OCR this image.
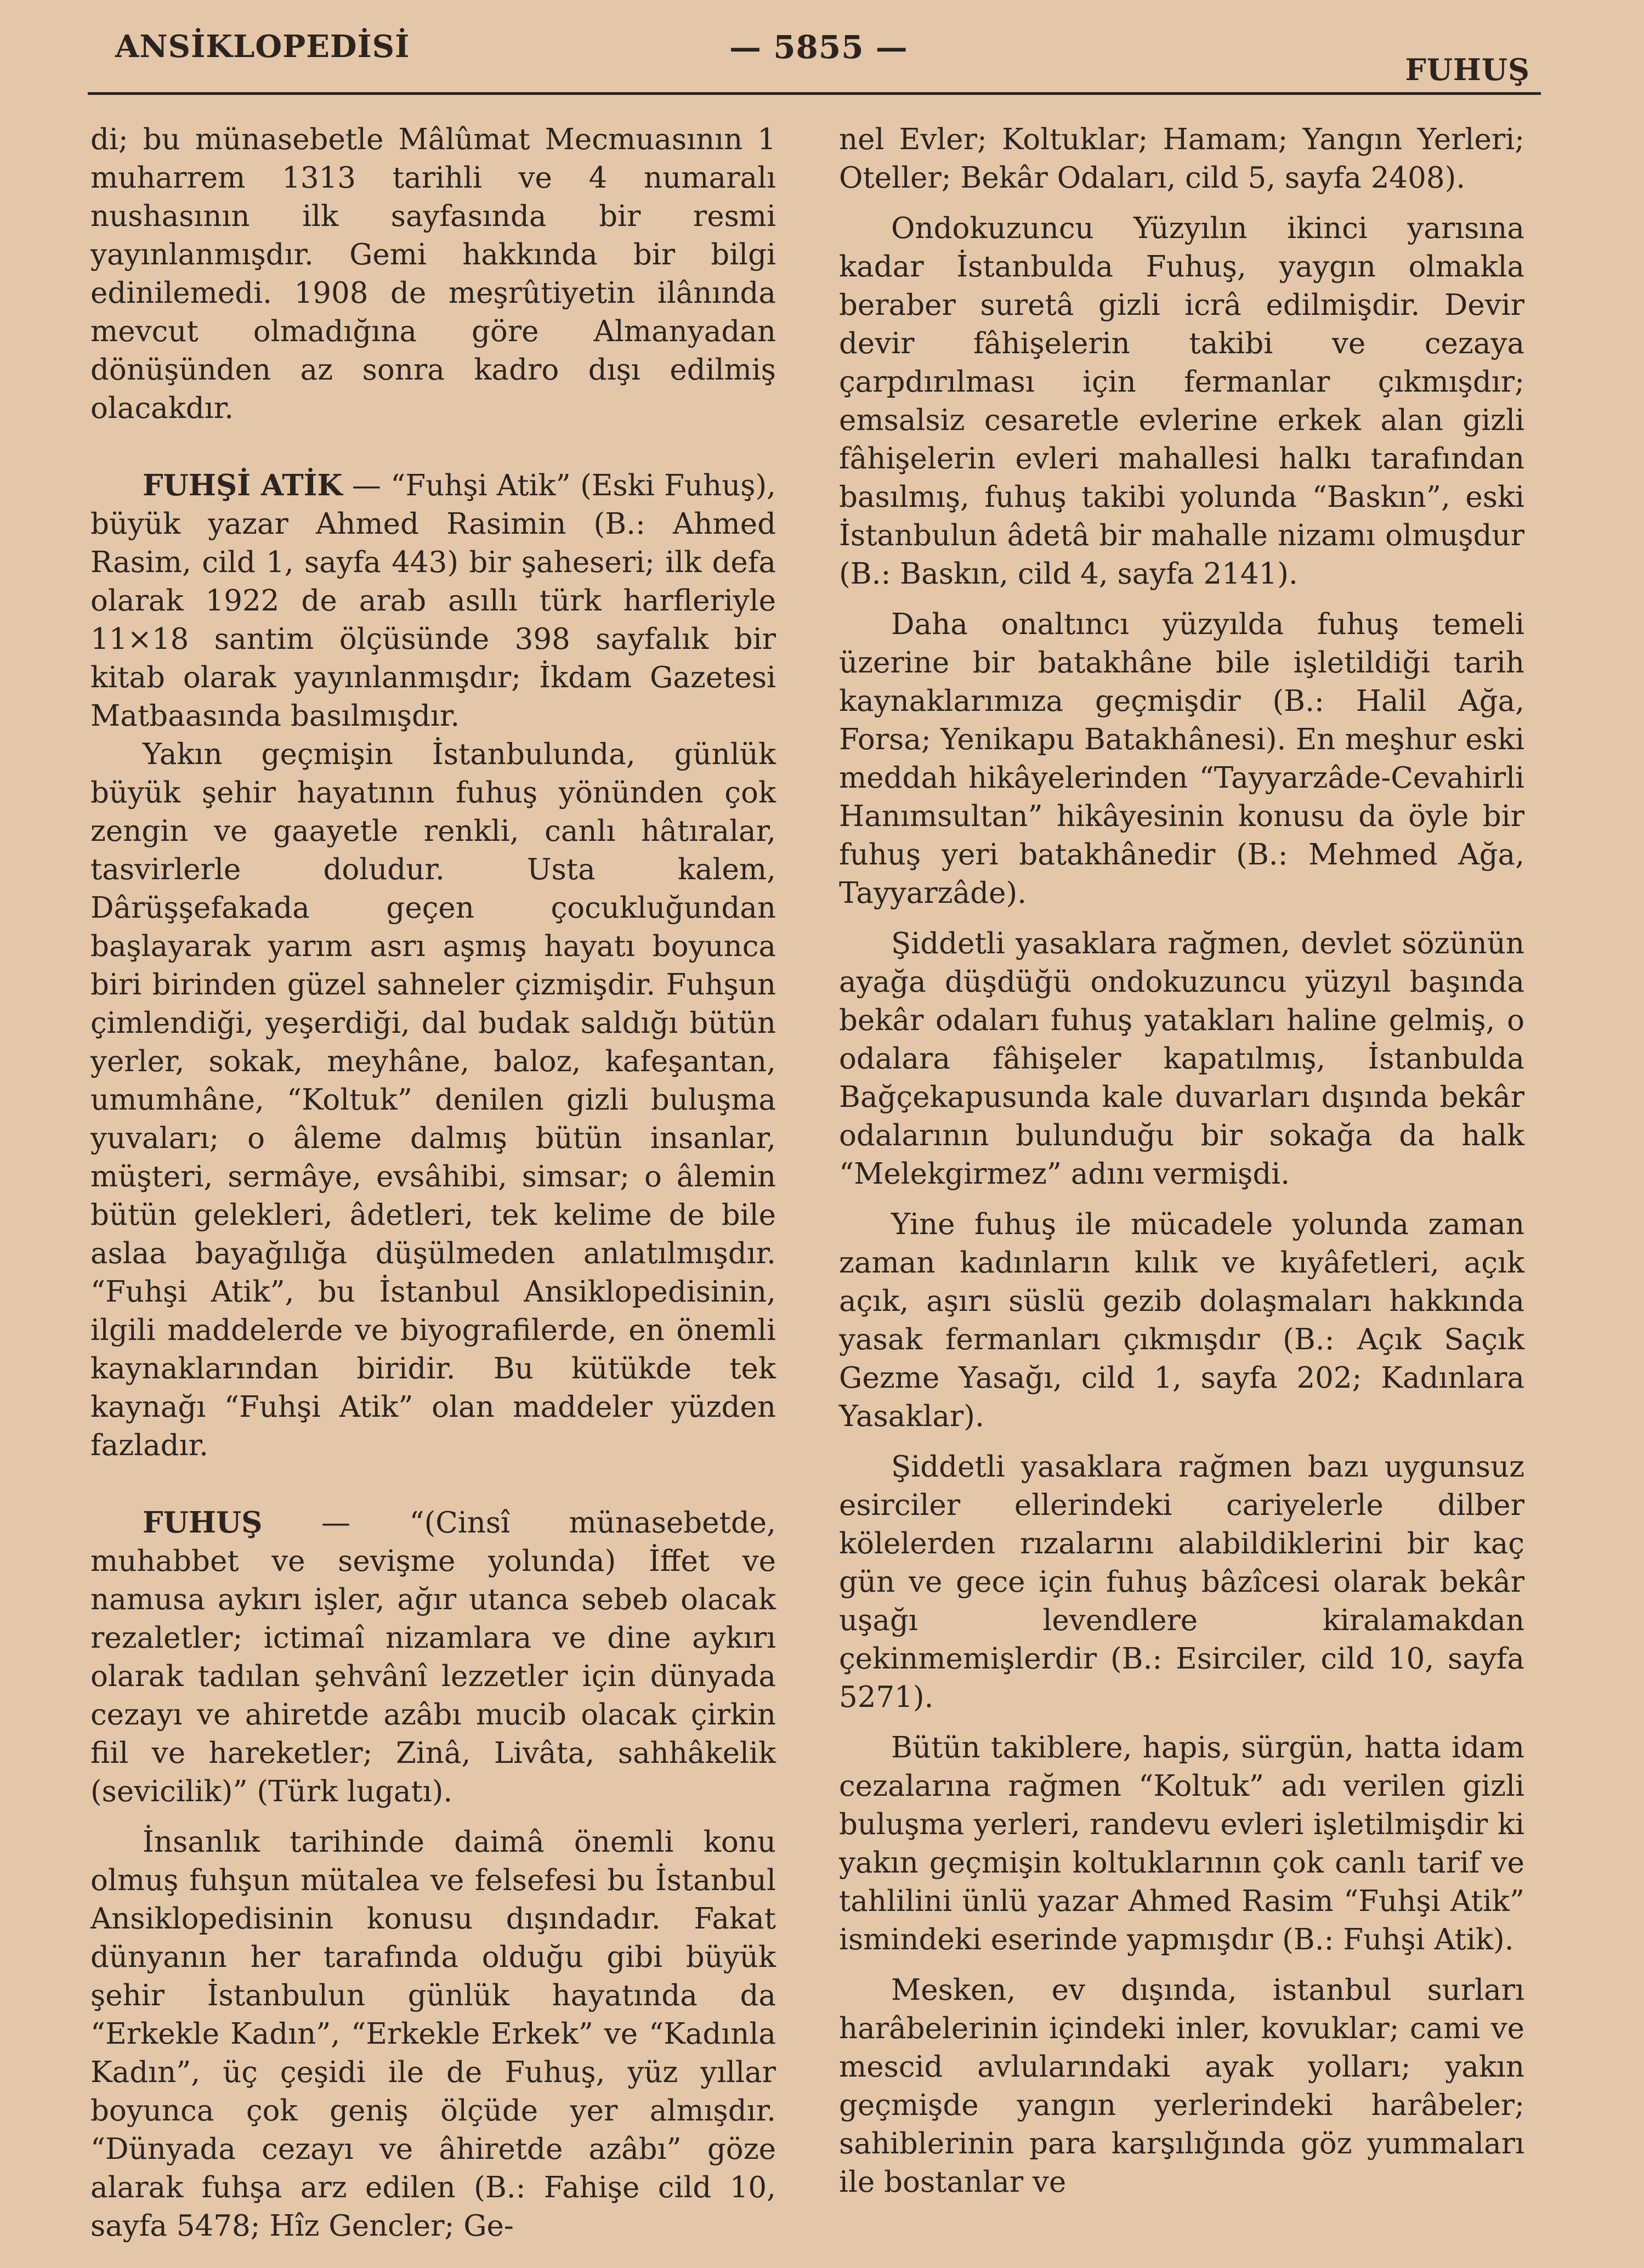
ANSİKLOPEDİSİ	— 5855 —
FUHUŞ

di; bu münasebetle Mâlûmat Mecmuasının 1 muharrem 1313 tarihli ve 4 numaralı nushasının ilk sayfasında bir resmi yayınlanmışdır. Gemi hakkında bir bilgi edinilemedi. 1908 de meşrûtiyetin ilânında mevcut olmadığına göre Almanyadan dönüşünden az sonra kadro dışı edilmiş olacakdır.

FUHŞİ ATİK — “Fuhşi Atik” (Eski Fuhuş), büyük yazar Ahmed Rasimin (B.: Ahmed Rasim, cild 1, sayfa 443) bir şaheseri; ilk defa olarak 1922 de arab asıllı türk harfleriyle 11×18 santim ölçüsünde 398 sayfalık bir kitab olarak yayınlanmışdır; İkdam Gazetesi Matbaasında basılmışdır.

Yakın geçmişin İstanbulunda, günlük büyük şehir hayatının fuhuş yönünden çok zengin ve gaayetle renkli, canlı hâtıralar, tasvirlerle doludur. Usta kalem, Dârüşşefakada geçen çocukluğundan başlayarak yarım asrı aşmış hayatı boyunca biri birinden güzel sahneler çizmişdir. Fuhşun çimlendiği, yeşerdiği, dal budak saldığı bütün yerler, sokak, meyhâne, baloz, kafeşantan, umumhâne, “Koltuk” denilen gizli buluşma yuvaları; o âleme dalmış bütün insanlar, müşteri, sermâye, evsâhibi, simsar; o âlemin bütün gelekleri, âdetleri, tek kelime de bile aslaa bayağılığa düşülmeden anlatılmışdır. “Fuhşi Atik”, bu İstanbul Ansiklopedisinin, ilgili maddelerde ve biyografilerde, en önemli kaynaklarından biridir. Bu kütükde tek kaynağı “Fuhşi Atik” olan maddeler yüzden fazladır.

FUHUŞ — “(Cinsî münasebetde, muhabbet ve sevişme yolunda) İffet ve namusa aykırı işler, ağır utanca sebeb olacak rezaletler; ictimaî nizamlara ve dine aykırı olarak tadılan şehvânî lezzetler için dünyada cezayı ve ahiretde azâbı mucib olacak çirkin fiil ve hareketler; Zinâ, Livâta, sahhâkelik (sevicilik)” (Türk lugatı).

İnsanlık tarihinde daimâ önemli konu olmuş fuhşun mütalea ve felsefesi bu İstanbul Ansiklopedisinin konusu dışındadır. Fakat dünyanın her tarafında olduğu gibi büyük şehir İstanbulun günlük hayatında da “Erkekle Kadın”, “Erkekle Erkek” ve “Kadınla Kadın”, üç çeşidi ile de Fuhuş, yüz yıllar boyunca çok geniş ölçüde yer almışdır. “Dünyada cezayı ve âhiretde azâbı” göze alarak fuhşa arz edilen (B.: Fahişe cild 10, sayfa 5478; Hîz Gencler; Ge-

nel Evler; Koltuklar; Hamam; Yangın Yerleri; Oteller; Bekâr Odaları, cild 5, sayfa 2408).

Ondokuzuncu Yüzyılın ikinci yarısına kadar İstanbulda Fuhuş, yaygın olmakla beraber suretâ gizli icrâ edilmişdir. Devir devir fâhişelerin takibi ve cezaya çarpdırılması için fermanlar çıkmışdır; emsalsiz cesaretle evlerine erkek alan gizli fâhişelerin evleri mahallesi halkı tarafından basılmış, fuhuş takibi yolunda “Baskın”, eski İstanbulun âdetâ bir mahalle nizamı olmuşdur (B.: Baskın, cild 4, sayfa 2141).

Daha onaltıncı yüzyılda fuhuş temeli üzerine bir batakhâne bile işletildiği tarih kaynaklarımıza geçmişdir (B.: Halil Ağa, Forsa; Yenikapu Batakhânesi). En meşhur eski meddah hikâyelerinden “Tayyarzâde-Cevahirli Hanımsultan” hikâyesinin konusu da öyle bir fuhuş yeri batakhânedir (B.: Mehmed Ağa, Tayyarzâde).

Şiddetli yasaklara rağmen, devlet sözünün ayağa düşdüğü ondokuzuncu yüzyıl başında bekâr odaları fuhuş yatakları haline gelmiş, o odalara fâhişeler kapatılmış, İstanbulda Bağçekapusunda kale duvarları dışında bekâr odalarının bulunduğu bir sokağa da halk “Melekgirmez” adını vermişdi.

Yine fuhuş ile mücadele yolunda zaman zaman kadınların kılık ve kıyâfetleri, açık açık, aşırı süslü gezib dolaşmaları hakkında yasak fermanları çıkmışdır (B.: Açık Saçık Gezme Yasağı, cild 1, sayfa 202; Kadınlara Yasaklar).

Şiddetli yasaklara rağmen bazı uygunsuz esirciler ellerindeki cariyelerle dilber kölelerden rızalarını alabildiklerini bir kaç gün ve gece için fuhuş bâzîcesi olarak bekâr uşağı levendlere kiralamakdan çekinmemişlerdir (B.: Esirciler, cild 10, sayfa 5271).

Bütün takiblere, hapis, sürgün, hatta idam cezalarına rağmen “Koltuk” adı verilen gizli buluşma yerleri, randevu evleri işletilmişdir ki yakın geçmişin koltuklarının çok canlı tarif ve tahlilini ünlü yazar Ahmed Rasim “Fuhşi Atik” ismindeki eserinde yapmışdır (B.: Fuhşi Atik).

Mesken, ev dışında, istanbul surları harâbelerinin içindeki inler, kovuklar; cami ve mescid avlularındaki ayak yolları; yakın geçmişde yangın yerlerindeki harâbeler; sahiblerinin para karşılığında göz yummaları ile bostanlar ve
